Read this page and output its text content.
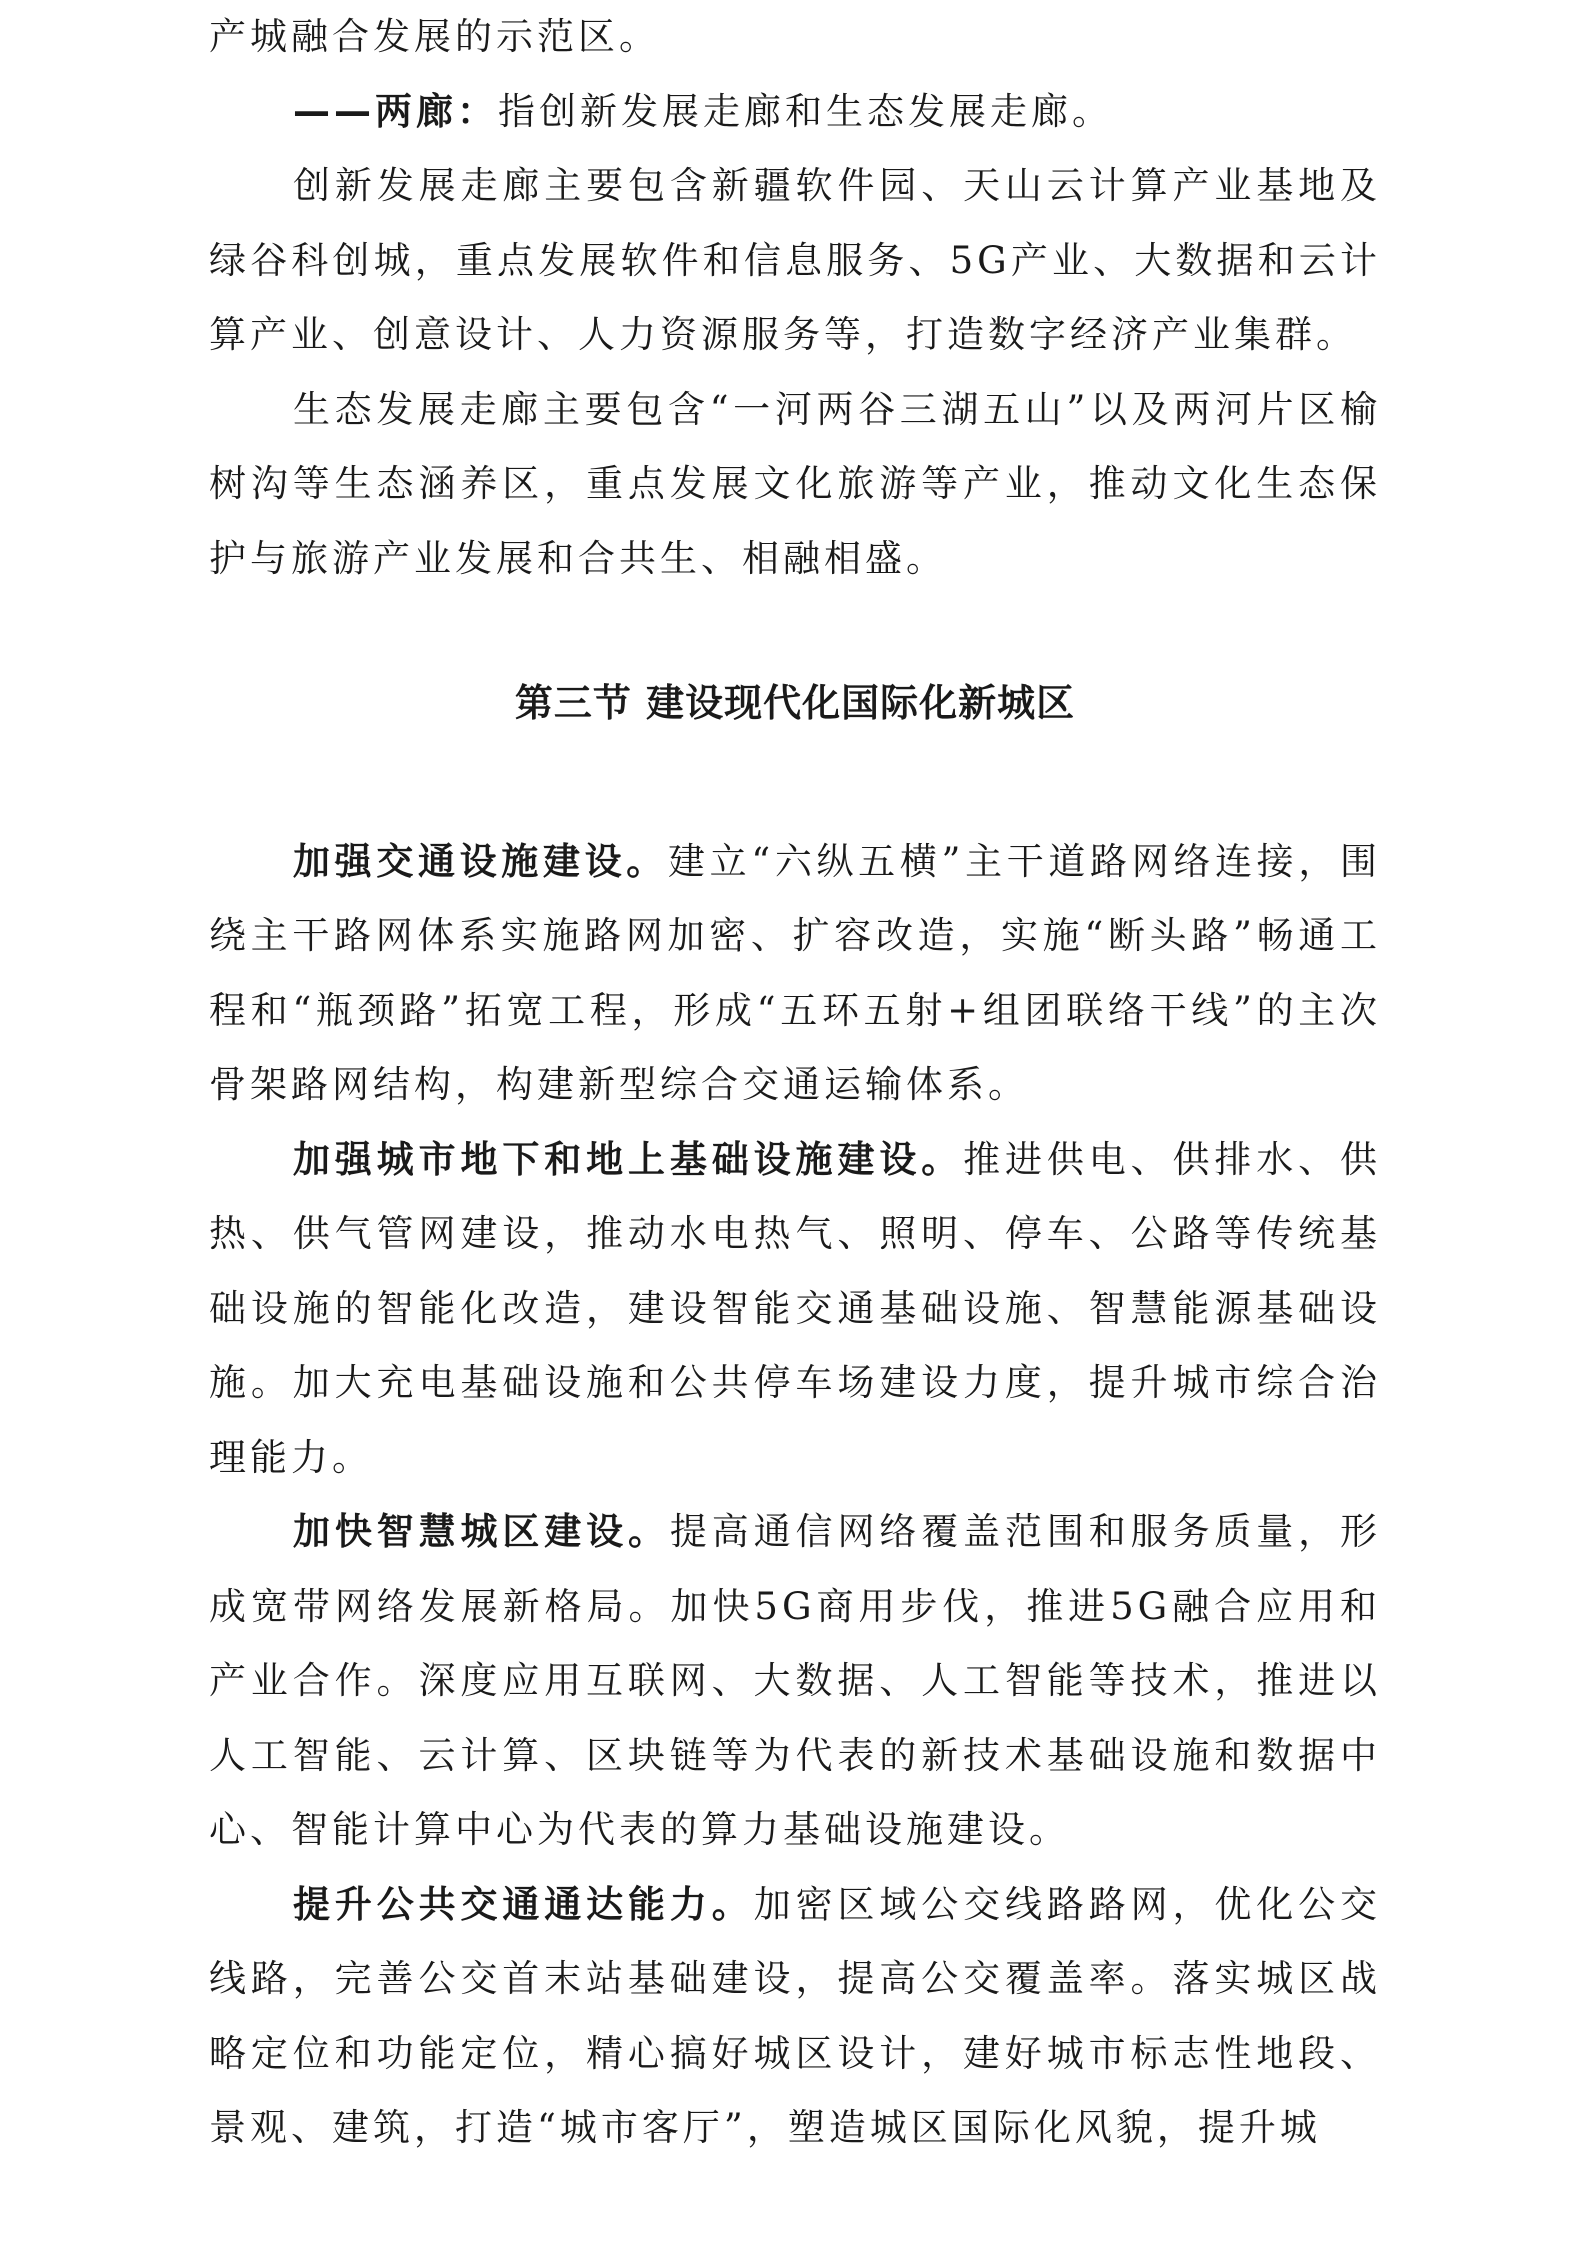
产城融合发展的示范区。

——两廊：指创新发展走廊和生态发展走廊。

创新发展走廊主要包含新疆软件园、天山云计算产业基地及绿谷科创城，重点发展软件和信息服务、5G产业、大数据和云计算产业、创意设计、人力资源服务等，打造数字经济产业集群。

生态发展走廊主要包含“一河两谷三湖五山”以及两河片区榆树沟等生态涵养区，重点发展文化旅游等产业，推动文化生态保护与旅游产业发展和合共生、相融相盛。

第三节 建设现代化国际化新城区

加强交通设施建设。建立“六纵五横”主干道路网络连接，围绕主干路网体系实施路网加密、扩容改造，实施“断头路”畅通工程和“瓶颈路”拓宽工程，形成“五环五射+组团联络干线”的主次骨架路网结构，构建新型综合交通运输体系。

加强城市地下和地上基础设施建设。推进供电、供排水、供热、供气管网建设，推动水电热气、照明、停车、公路等传统基础设施的智能化改造，建设智能交通基础设施、智慧能源基础设施。加大充电基础设施和公共停车场建设力度，提升城市综合治理能力。

加快智慧城区建设。提高通信网络覆盖范围和服务质量，形成宽带网络发展新格局。加快5G商用步伐，推进5G融合应用和产业合作。深度应用互联网、大数据、人工智能等技术，推进以人工智能、云计算、区块链等为代表的新技术基础设施和数据中心、智能计算中心为代表的算力基础设施建设。

提升公共交通通达能力。加密区域公交线路路网，优化公交线路，完善公交首末站基础建设，提高公交覆盖率。落实城区战略定位和功能定位，精心搞好城区设计，建好城市标志性地段、景观、建筑，打造“城市客厅”，塑造城区国际化风貌，提升城
